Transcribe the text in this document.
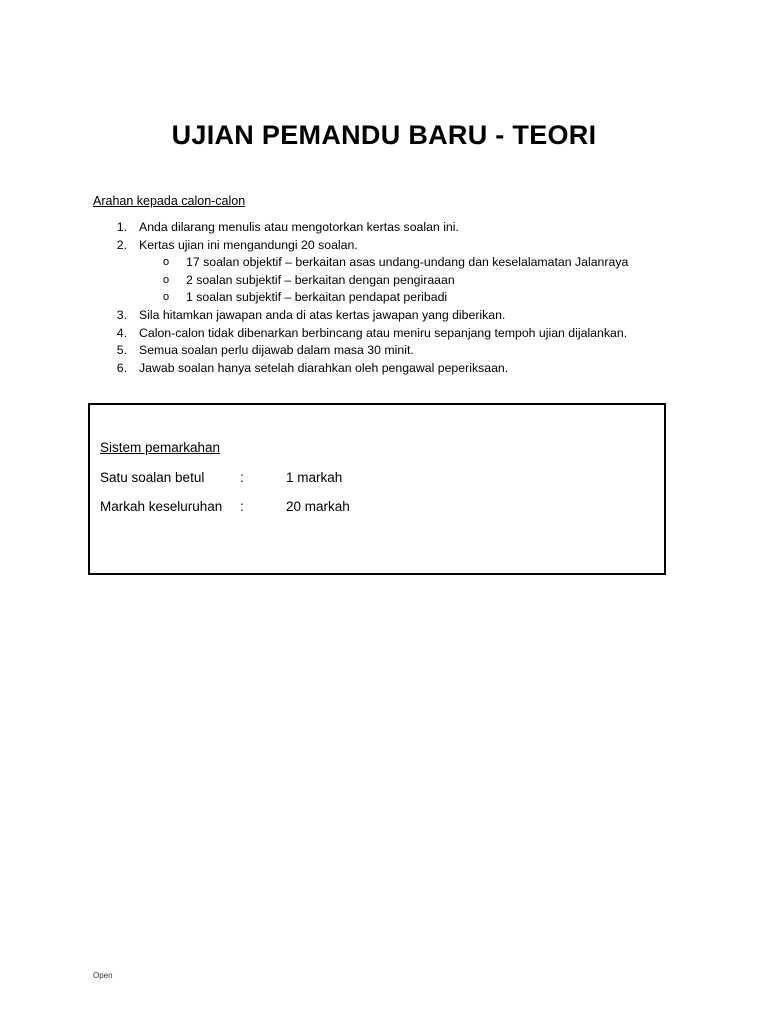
UJIAN PEMANDU BARU - TEORI
Arahan kepada calon-calon
1. Anda dilarang menulis atau mengotorkan kertas soalan ini.
2. Kertas ujian ini mengandungi 20 soalan.
o 17 soalan objektif – berkaitan asas undang-undang dan keselalamatan Jalanraya
o 2 soalan subjektif – berkaitan dengan pengiraaan
o 1 soalan subjektif – berkaitan pendapat peribadi
3. Sila hitamkan jawapan anda di atas kertas jawapan yang diberikan.
4. Calon-calon tidak dibenarkan berbincang atau meniru sepanjang tempoh ujian dijalankan.
5. Semua soalan perlu dijawab dalam masa 30 minit.
6. Jawab soalan hanya setelah diarahkan oleh pengawal peperiksaan.
Sistem pemarkahan
Satu soalan betul	:	1 markah
Markah keseluruhan :	20 markah
Open
